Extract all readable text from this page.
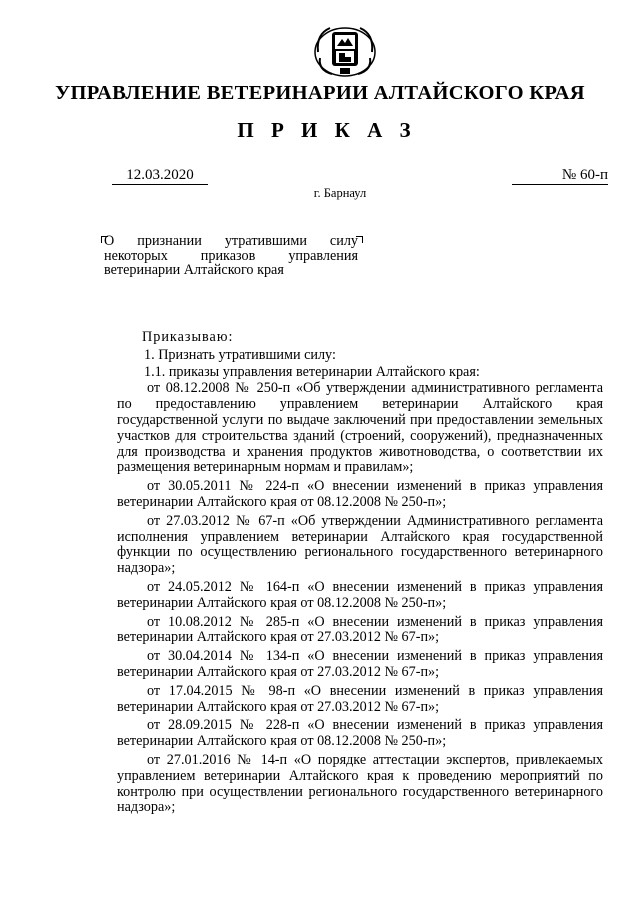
УПРАВЛЕНИЕ ВЕТЕРИНАРИИ АЛТАЙСКОГО КРАЯ
П Р И К А З
12.03.2020	№ 60-п
г. Барнаул
О признании утратившими силу
некоторых приказов управления
ветеринарии Алтайского края

Приказываю:

1. Признать утратившими силу:

1.1. приказы управления ветеринарии Алтайского края:

от 08.12.2008 № 250-п «Об утверждении административного регламента по предоставлению управлением ветеринарии Алтайского края государственной услуги по выдаче заключений при предоставлении земельных участков для строительства зданий (строений, сооружений), предназначенных для производства и хранения продуктов животноводства, о соответствии их размещения ветеринарным нормам и правилам»;

от 30.05.2011 № 224-п «О внесении изменений в приказ управления ветеринарии Алтайского края от 08.12.2008 № 250-п»;

от 27.03.2012 № 67-п «Об утверждении Административного регламента исполнения управлением ветеринарии Алтайского края государственной функции по осуществлению регионального государственного ветеринарного надзора»;

от 24.05.2012 № 164-п «О внесении изменений в приказ управления ветеринарии Алтайского края от 08.12.2008 № 250-п»;

от 10.08.2012 № 285-п «О внесении изменений в приказ управления ветеринарии Алтайского края от 27.03.2012 № 67-п»;

от 30.04.2014 № 134-п «О внесении изменений в приказ управления ветеринарии Алтайского края от 27.03.2012 № 67-п»;

от 17.04.2015 № 98-п «О внесении изменений в приказ управления ветеринарии Алтайского края от 27.03.2012 № 67-п»;

от 28.09.2015 № 228-п «О внесении изменений в приказ управления ветеринарии Алтайского края от 08.12.2008 № 250-п»;

от 27.01.2016 № 14-п «О порядке аттестации экспертов, привлекаемых управлением ветеринарии Алтайского края к проведению мероприятий по контролю при осуществлении регионального государственного ветеринарного надзора»;
